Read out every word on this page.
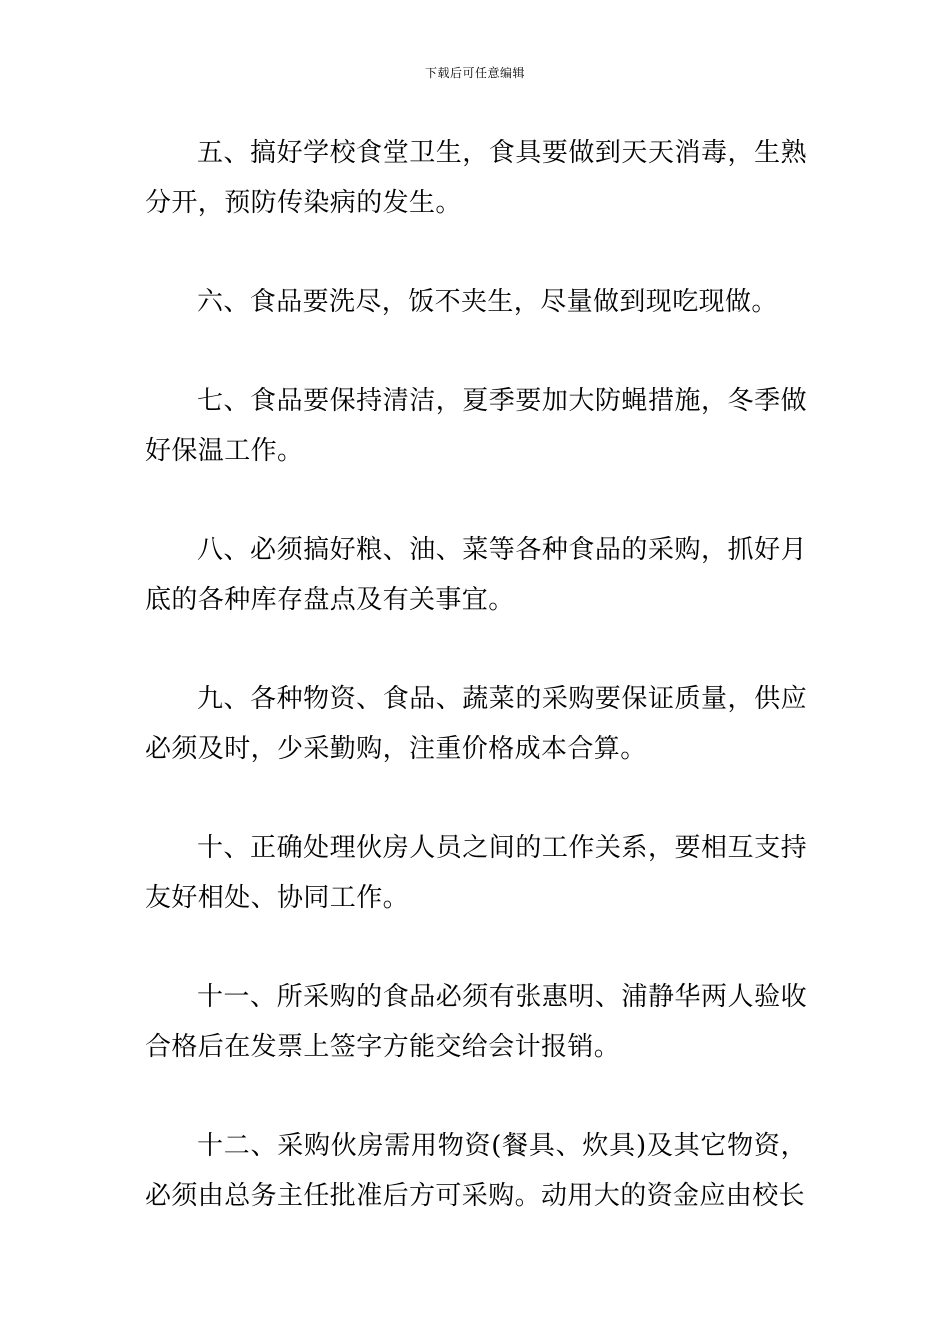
下载后可任意编辑

五、搞好学校食堂卫生，食具要做到天天消毒，生熟分开，预防传染病的发生。

六、食品要洗尽，饭不夹生，尽量做到现吃现做。

七、食品要保持清洁，夏季要加大防蝇措施，冬季做好保温工作。

八、必须搞好粮、油、菜等各种食品的采购，抓好月底的各种库存盘点及有关事宜。

九、各种物资、食品、蔬菜的采购要保证质量，供应必须及时，少采勤购，注重价格成本合算。

十、正确处理伙房人员之间的工作关系，要相互支持友好相处、协同工作。

十一、所采购的食品必须有张惠明、浦静华两人验收合格后在发票上签字方能交给会计报销。

十二、采购伙房需用物资(餐具、炊具)及其它物资，必须由总务主任批准后方可采购。动用大的资金应由校长
